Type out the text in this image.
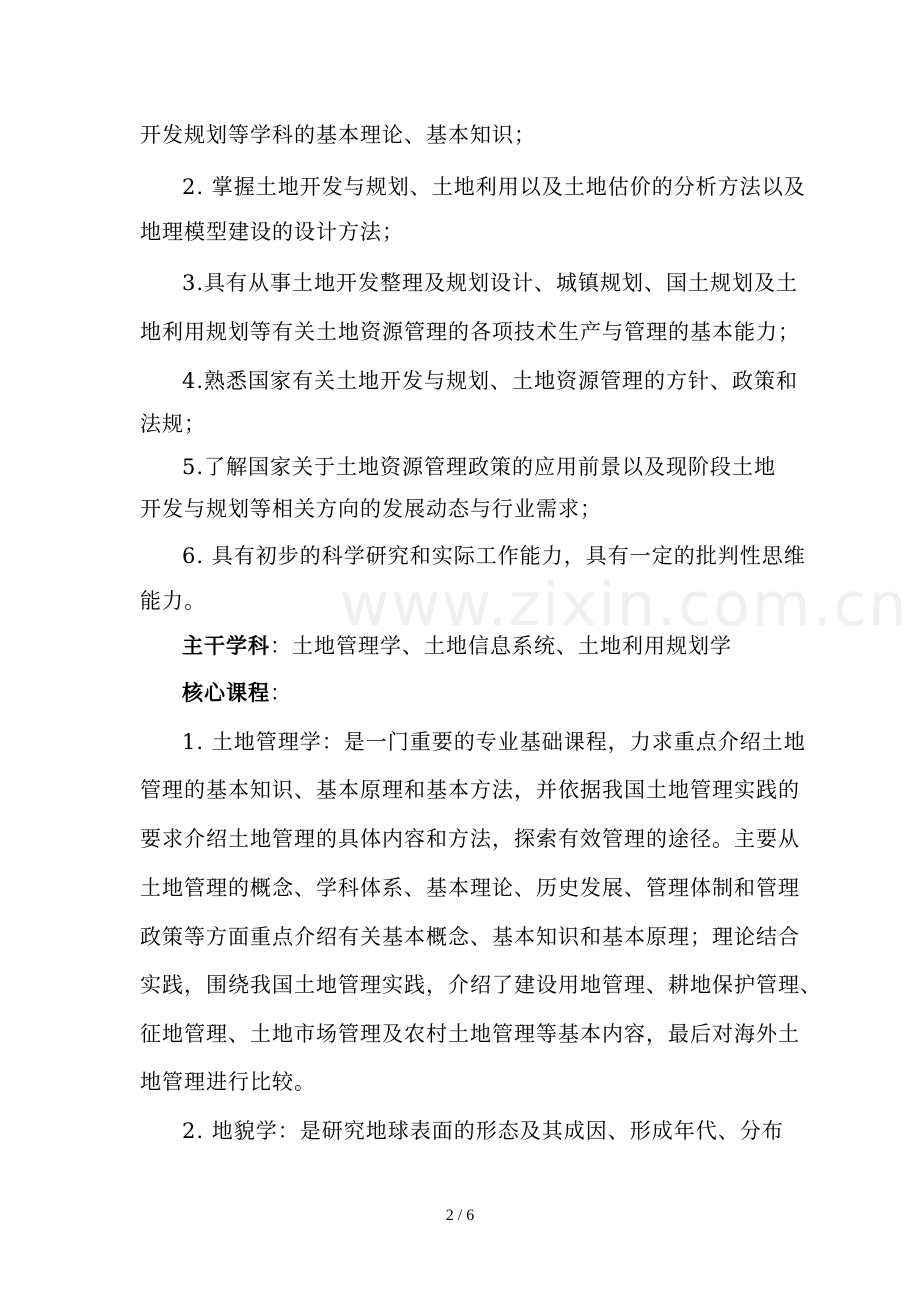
www.zixin.com.cn
开发规划等学科的基本理论、基本知识；
2. 掌握土地开发与规划、土地利用以及土地估价的分析方法以及
地理模型建设的设计方法；
3.具有从事土地开发整理及规划设计、城镇规划、国土规划及土
地利用规划等有关土地资源管理的各项技术生产与管理的基本能力；
4.熟悉国家有关土地开发与规划、土地资源管理的方针、政策和
法规；
5.了解国家关于土地资源管理政策的应用前景以及现阶段土地
开发与规划等相关方向的发展动态与行业需求；
6. 具有初步的科学研究和实际工作能力，具有一定的批判性思维
能力。
主干学科：土地管理学、土地信息系统、土地利用规划学
核心课程：
1. 土地管理学：是一门重要的专业基础课程，力求重点介绍土地
管理的基本知识、基本原理和基本方法，并依据我国土地管理实践的
要求介绍土地管理的具体内容和方法，探索有效管理的途径。主要从
土地管理的概念、学科体系、基本理论、历史发展、管理体制和管理
政策等方面重点介绍有关基本概念、基本知识和基本原理；理论结合
实践，围绕我国土地管理实践，介绍了建设用地管理、耕地保护管理、
征地管理、土地市场管理及农村土地管理等基本内容，最后对海外土
地管理进行比较。
2. 地貌学：是研究地球表面的形态及其成因、形成年代、分布
2 / 6
